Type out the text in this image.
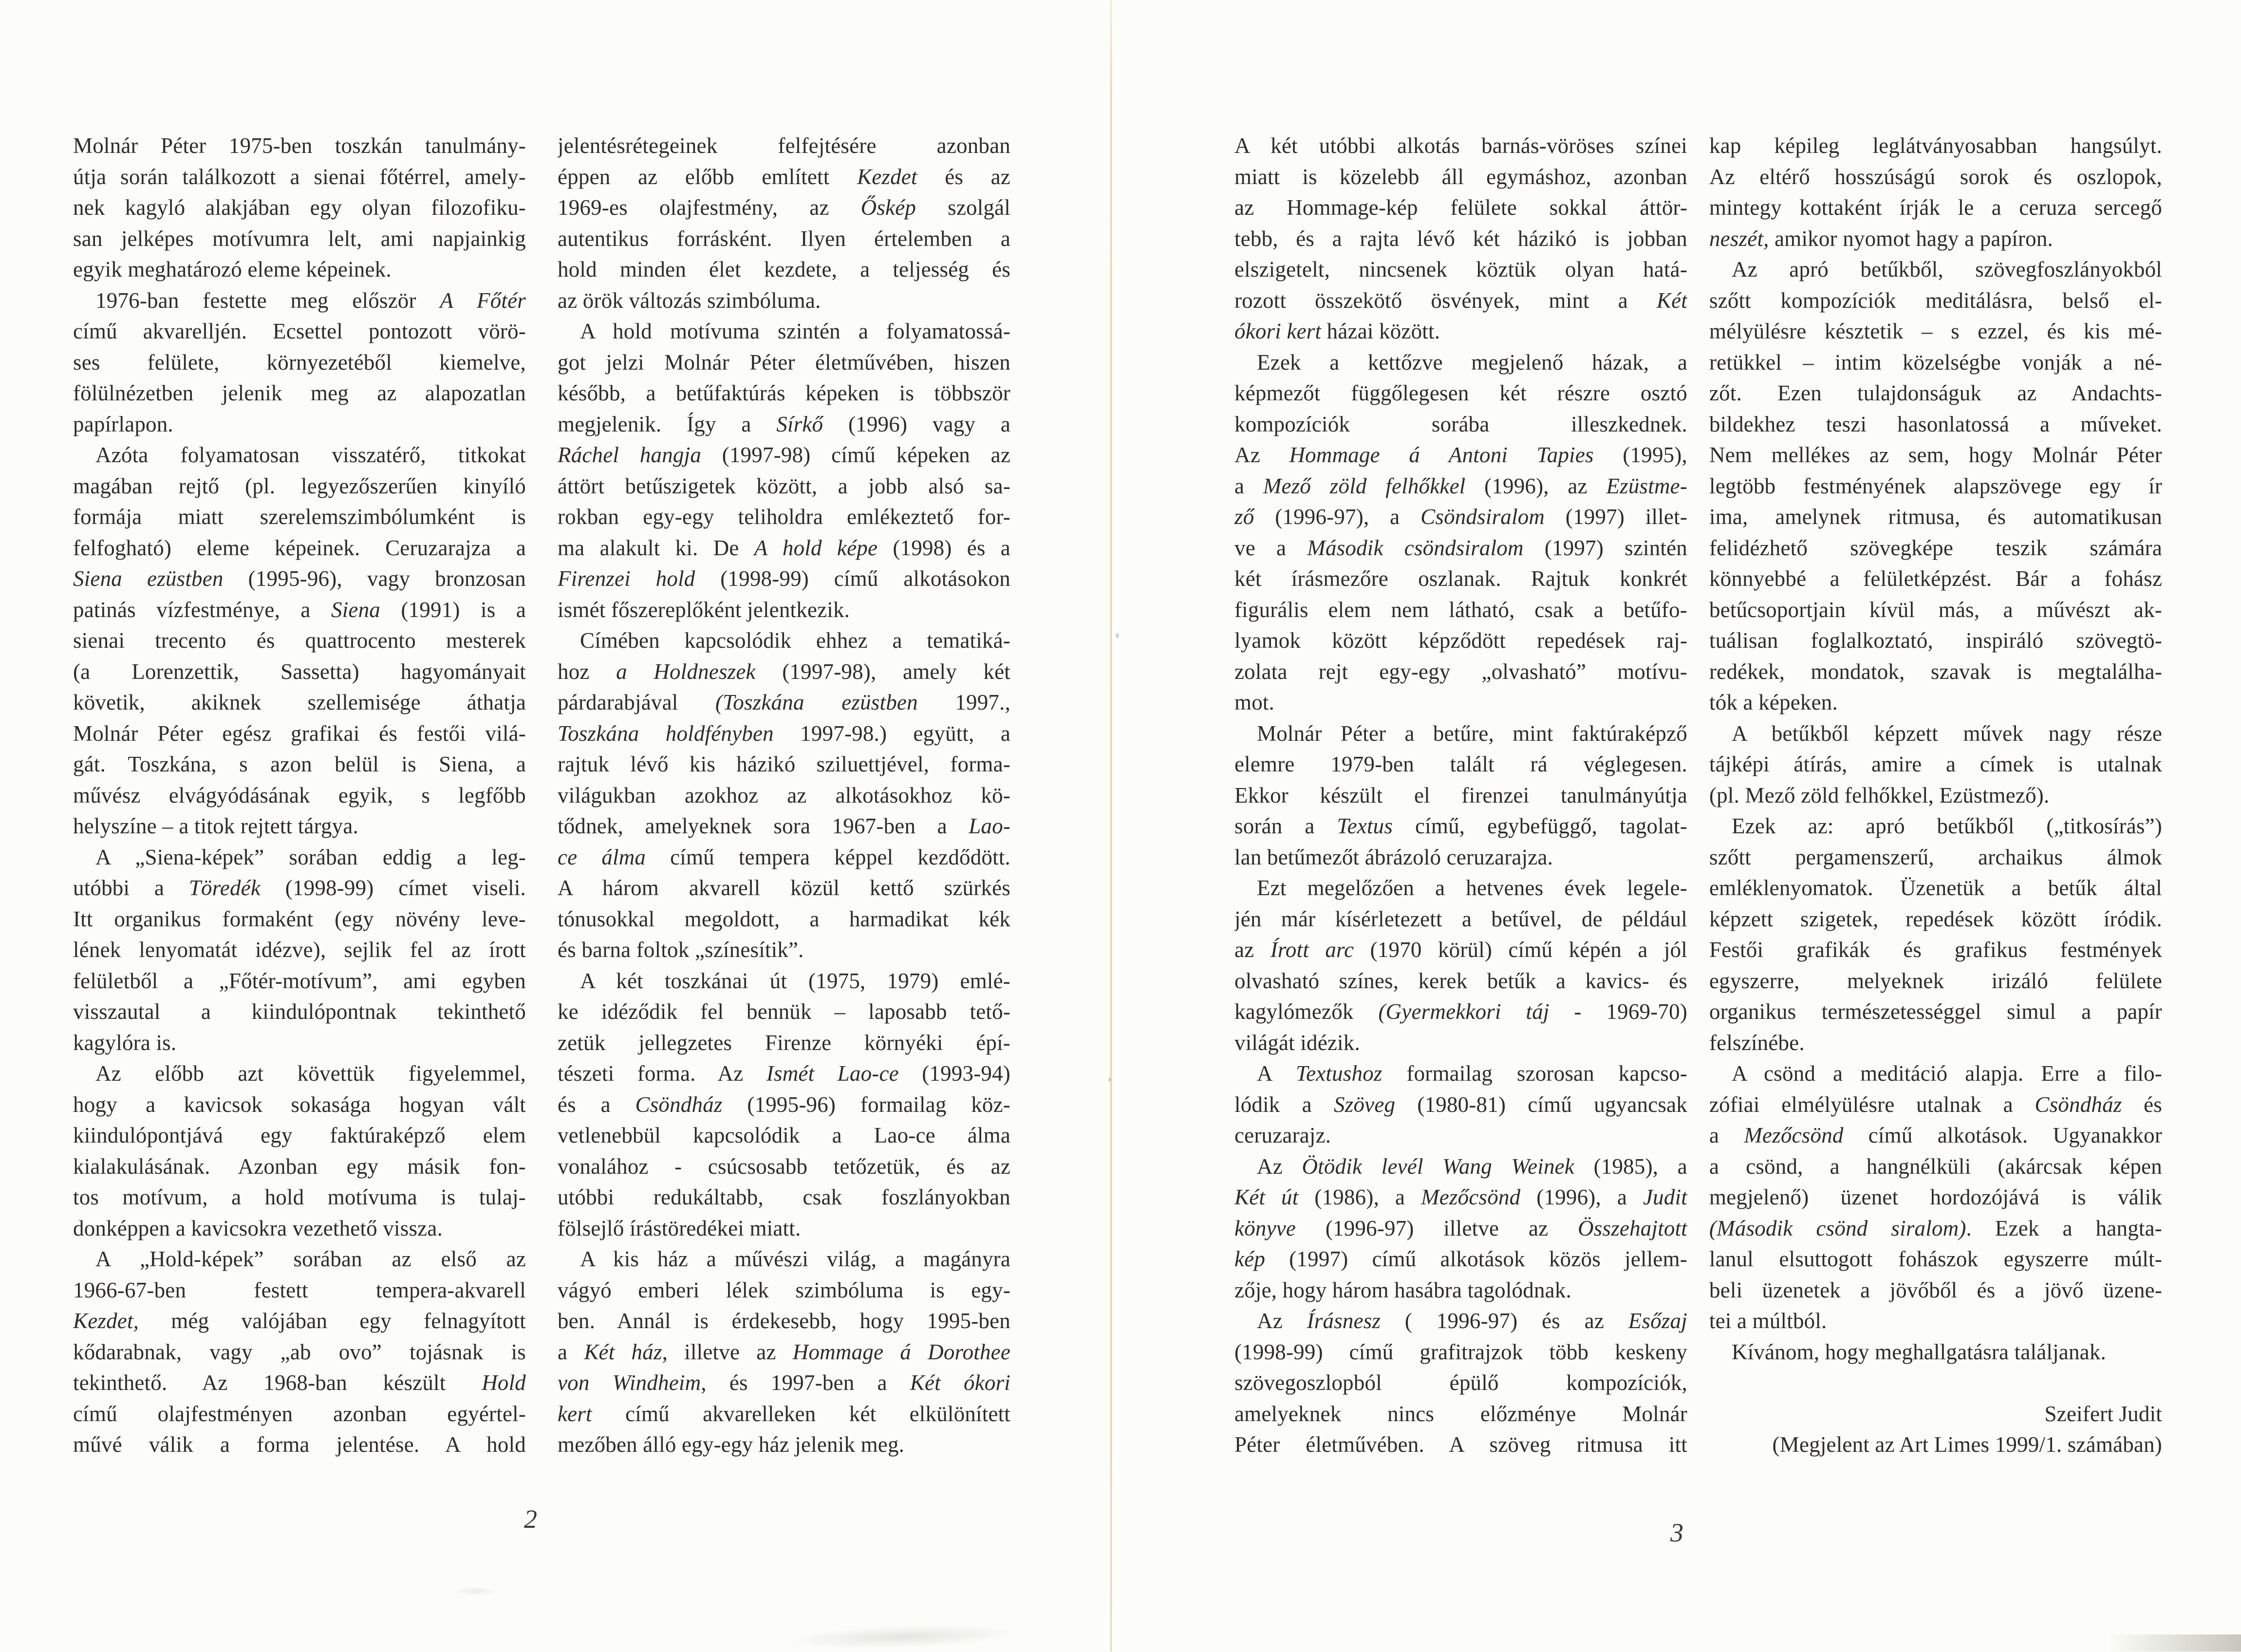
Molnár Péter 1975-ben toszkán tanulmány-
útja során találkozott a sienai főtérrel, amely-
nek kagyló alakjában egy olyan filozofiku-
san jelképes motívumra lelt, ami napjainkig
egyik meghatározó eleme képeinek.
1976-ban festette meg először A Főtér
című akvarelljén. Ecsettel pontozott vörö-
ses felülete, környezetéből kiemelve,
fölülnézetben jelenik meg az alapozatlan
papírlapon.
Azóta folyamatosan visszatérő, titkokat
magában rejtő (pl. legyezőszerűen kinyíló
formája miatt szerelemszimbólumként is
felfogható) eleme képeinek. Ceruzarajza a
Siena ezüstben (1995-96), vagy bronzosan
patinás vízfestménye, a Siena (1991) is a
sienai trecento és quattrocento mesterek
(a Lorenzettik, Sassetta) hagyományait
követik, akiknek szellemisége áthatja
Molnár Péter egész grafikai és festői vilá-
gát. Toszkána, s azon belül is Siena, a
művész elvágyódásának egyik, s legfőbb
helyszíne – a titok rejtett tárgya.
A „Siena-képek” sorában eddig a leg-
utóbbi a Töredék (1998-99) címet viseli.
Itt organikus formaként (egy növény leve-
lének lenyomatát idézve), sejlik fel az írott
felületből a „Főtér-motívum”, ami egyben
visszautal a kiindulópontnak tekinthető
kagylóra is.
Az előbb azt követtük figyelemmel,
hogy a kavicsok sokasága hogyan vált
kiindulópontjává egy faktúraképző elem
kialakulásának. Azonban egy másik fon-
tos motívum, a hold motívuma is tulaj-
donképpen a kavicsokra vezethető vissza.
A „Hold-képek” sorában az első az
1966-67-ben festett tempera-akvarell
Kezdet, még valójában egy felnagyított
kődarabnak, vagy „ab ovo” tojásnak is
tekinthető. Az 1968-ban készült Hold
című olajfestményen azonban egyértel-
művé válik a forma jelentése. A hold
jelentésrétegeinek felfejtésére azonban
éppen az előbb említett Kezdet és az
1969-es olajfestmény, az Őskép szolgál
autentikus forrásként. Ilyen értelemben a
hold minden élet kezdete, a teljesség és
az örök változás szimbóluma.
A hold motívuma szintén a folyamatossá-
got jelzi Molnár Péter életművében, hiszen
később, a betűfaktúrás képeken is többször
megjelenik. Így a Sírkő (1996) vagy a
Ráchel hangja (1997-98) című képeken az
áttört betűszigetek között, a jobb alsó sa-
rokban egy-egy teliholdra emlékeztető for-
ma alakult ki. De A hold képe (1998) és a
Firenzei hold (1998-99) című alkotásokon
ismét főszereplőként jelentkezik.
Címében kapcsolódik ehhez a tematiká-
hoz a Holdneszek (1997-98), amely két
párdarabjával (Toszkána ezüstben 1997.,
Toszkána holdfényben 1997-98.) együtt, a
rajtuk lévő kis házikó sziluettjével, forma-
világukban azokhoz az alkotásokhoz kö-
tődnek, amelyeknek sora 1967-ben a Lao-
ce álma című tempera képpel kezdődött.
A három akvarell közül kettő szürkés
tónusokkal megoldott, a harmadikat kék
és barna foltok „színesítik”.
A két toszkánai út (1975, 1979) emlé-
ke idéződik fel bennük – laposabb tető-
zetük jellegzetes Firenze környéki épí-
tészeti forma. Az Ismét Lao-ce (1993-94)
és a Csöndház (1995-96) formailag köz-
vetlenebbül kapcsolódik a Lao-ce álma
vonalához - csúcsosabb tetőzetük, és az
utóbbi redukáltabb, csak foszlányokban
fölsejlő írástöredékei miatt.
A kis ház a művészi világ, a magányra
vágyó emberi lélek szimbóluma is egy-
ben. Annál is érdekesebb, hogy 1995-ben
a Két ház, illetve az Hommage á Dorothee
von Windheim, és 1997-ben a Két ókori
kert című akvarelleken két elkülönített
mezőben álló egy-egy ház jelenik meg.
A két utóbbi alkotás barnás-vöröses színei
miatt is közelebb áll egymáshoz, azonban
az Hommage-kép felülete sokkal áttör-
tebb, és a rajta lévő két házikó is jobban
elszigetelt, nincsenek köztük olyan hatá-
rozott összekötő ösvények, mint a Két
ókori kert házai között.
Ezek a kettőzve megjelenő házak, a
képmezőt függőlegesen két részre osztó
kompozíciók sorába illeszkednek.
Az Hommage á Antoni Tapies (1995),
a Mező zöld felhőkkel (1996), az Ezüstme-
ző (1996-97), a Csöndsiralom (1997) illet-
ve a Második csöndsiralom (1997) szintén
két írásmezőre oszlanak. Rajtuk konkrét
figurális elem nem látható, csak a betűfo-
lyamok között képződött repedések raj-
zolata rejt egy-egy „olvasható” motívu-
mot.
Molnár Péter a betűre, mint faktúraképző
elemre 1979-ben talált rá véglegesen.
Ekkor készült el firenzei tanulmányútja
során a Textus című, egybefüggő, tagolat-
lan betűmezőt ábrázoló ceruzarajza.
Ezt megelőzően a hetvenes évek legele-
jén már kísérletezett a betűvel, de például
az Írott arc (1970 körül) című képén a jól
olvasható színes, kerek betűk a kavics- és
kagylómezők (Gyermekkori táj - 1969-70)
világát idézik.
A Textushoz formailag szorosan kapcso-
lódik a Szöveg (1980-81) című ugyancsak
ceruzarajz.
Az Ötödik levél Wang Weinek (1985), a
Két út (1986), a Mezőcsönd (1996), a Judit
könyve (1996-97) illetve az Összehajtott
kép (1997) című alkotások közös jellem-
zője, hogy három hasábra tagolódnak.
Az Írásnesz ( 1996-97) és az Esőzaj
(1998-99) című grafitrajzok több keskeny
szövegoszlopból épülő kompozíciók,
amelyeknek nincs előzménye Molnár
Péter életművében. A szöveg ritmusa itt
kap képileg leglátványosabban hangsúlyt.
Az eltérő hosszúságú sorok és oszlopok,
mintegy kottaként írják le a ceruza sercegő
neszét, amikor nyomot hagy a papíron.
Az apró betűkből, szövegfoszlányokból
szőtt kompozíciók meditálásra, belső el-
mélyülésre késztetik – s ezzel, és kis mé-
retükkel – intim közelségbe vonják a né-
zőt. Ezen tulajdonságuk az Andachts-
bildekhez teszi hasonlatossá a műveket.
Nem mellékes az sem, hogy Molnár Péter
legtöbb festményének alapszövege egy ír
ima, amelynek ritmusa, és automatikusan
felidézhető szövegképe teszik számára
könnyebbé a felületképzést. Bár a fohász
betűcsoportjain kívül más, a művészt ak-
tuálisan foglalkoztató, inspiráló szövegtö-
redékek, mondatok, szavak is megtalálha-
tók a képeken.
A betűkből képzett művek nagy része
tájképi átírás, amire a címek is utalnak
(pl. Mező zöld felhőkkel, Ezüstmező).
Ezek az: apró betűkből („titkosírás”)
szőtt pergamenszerű, archaikus álmok
emléklenyomatok. Üzenetük a betűk által
képzett szigetek, repedések között íródik.
Festői grafikák és grafikus festmények
egyszerre, melyeknek irizáló felülete
organikus természetességgel simul a papír
felszínébe.
A csönd a meditáció alapja. Erre a filo-
zófiai elmélyülésre utalnak a Csöndház és
a Mezőcsönd című alkotások. Ugyanakkor
a csönd, a hangnélküli (akárcsak képen
megjelenő) üzenet hordozójává is válik
(Második csönd siralom). Ezek a hangta-
lanul elsuttogott fohászok egyszerre múlt-
beli üzenetek a jövőből és a jövő üzene-
tei a múltból.
Kívánom, hogy meghallgatásra találjanak.
Szeifert Judit
(Megjelent az Art Limes 1999/1. számában)
2	3
